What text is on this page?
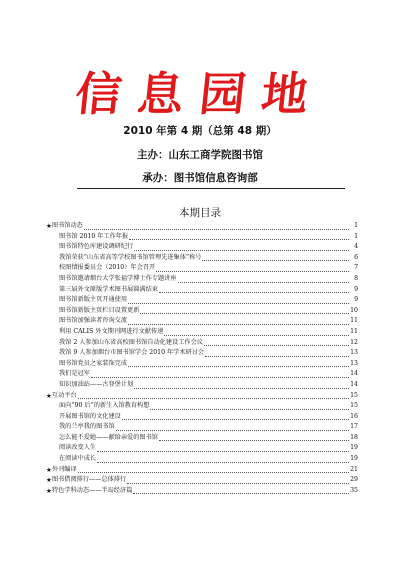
信息园地
2010 年第 4 期（总第 48 期）
主办：山东工商学院图书馆
承办：图书馆信息咨询部
本期目录
★ 图书馆动态	1
图书馆 2010 年工作年报	1
图书馆特色库建设调研纪行	4
我馆荣获“山东省高等学校图书馆管理先进集体”称号	6
校图情报委员会（2010）年会召开	7
图书馆邀请烟台大学张福学博士作专题讲座	8
第三届外文原版学术图书展圆满结束	9
图书馆新版主页开通使用	9
图书馆新版主页栏目设置更新	10
图书馆加强读者咨询交流	11
利用 CALIS 外文期刊网进行文献传递	11
我馆 2 人参加山东省高校图书馆自动化建设工作会议	12
我馆 9 人参加烟台市图书馆学会 2010 年学术研讨会	13
图书馆党员之家装饰完成	13
我们是冠军	14
知识加油站——古登堡计划	14
★ 互动平台	15
面向“90 后”的新生入馆教育构想	15
开展图书馆的文化建设	16
我的兰亭我的图书馆	17
怎么能不爱她——献给亲爱的图书馆	18
阅读改变人生	19
在阅读中成长	19
★ 外刊编译	21
★ 图书借阅排行——总体排行	29
★ 特色学科动态——半岛经济篇	35
